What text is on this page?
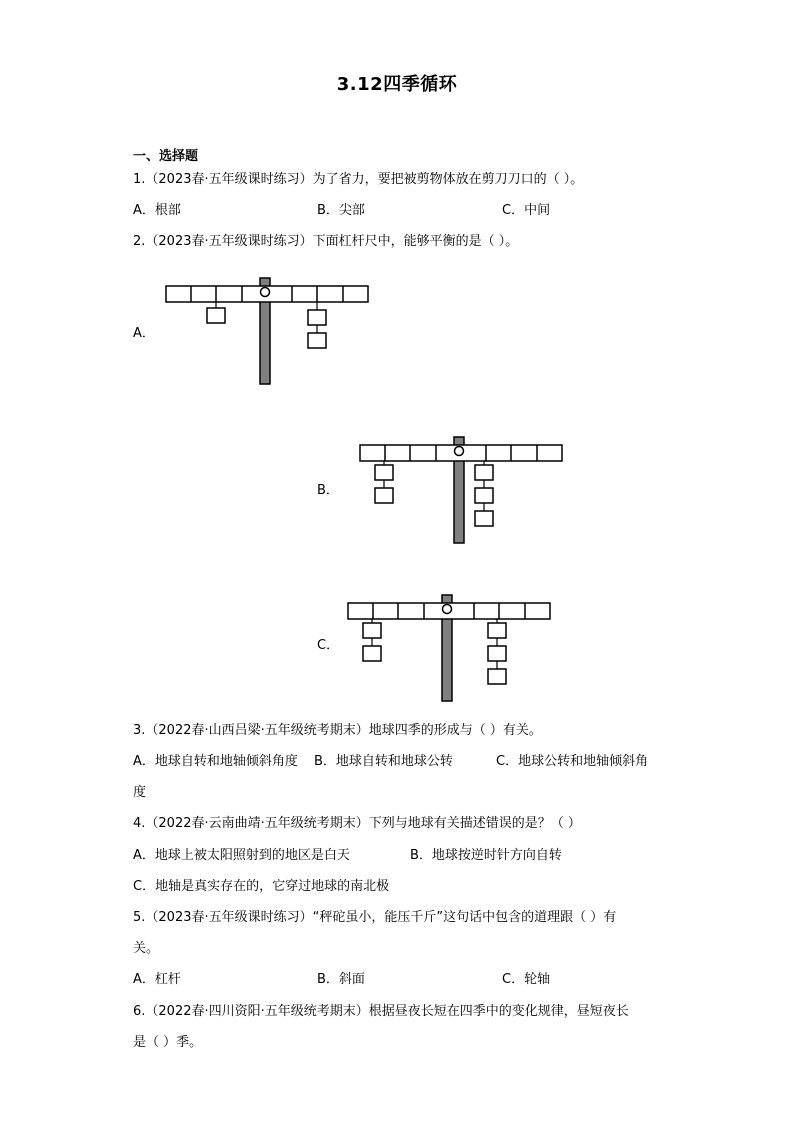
3.12四季循环
一、选择题
1.（2023春·五年级课时练习）为了省力，要把被剪物体放在剪刀刀口的（ ）。
A．根部	B．尖部	C．中间
2.（2023春·五年级课时练习）下面杠杆尺中，能够平衡的是（ ）。
A．
B．
C．
3.（2022春·山西吕梁·五年级统考期末）地球四季的形成与（ ）有关。
A．地球自转和地轴倾斜角度 B．地球自转和地球公转	C．地球公转和地轴倾斜角
度
4.（2022春·云南曲靖·五年级统考期末）下列与地球有关描述错误的是？（ ）
A．地球上被太阳照射到的地区是白天	B．地球按逆时针方向自转
C．地轴是真实存在的，它穿过地球的南北极
5.（2023春·五年级课时练习）“秤砣虽小，能压千斤”这句话中包含的道理跟（ ）有
关。
A．杠杆	B．斜面	C．轮轴
6.（2022春·四川资阳·五年级统考期末）根据昼夜长短在四季中的变化规律，昼短夜长
是（ ）季。
